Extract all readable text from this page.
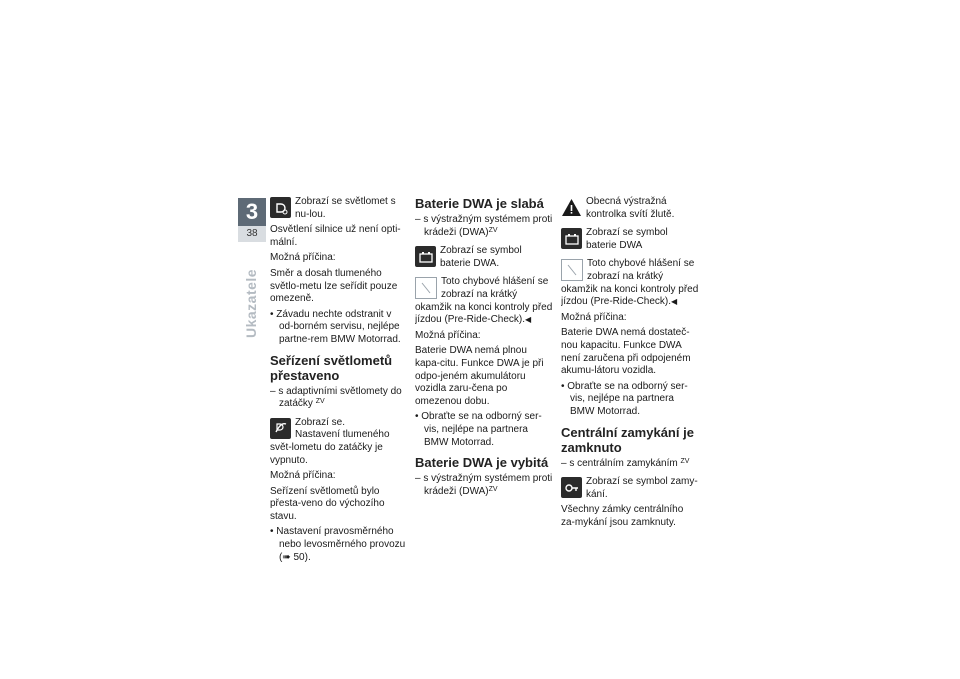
3
38
Ukazatele
Zobrazí se světlomet s nu-lou.

Osvětlení silnice už není opti-mální.

Možná příčina:

Směr a dosah tlumeného světlo-metu lze seřídit pouze omezeně.

• Závadu nechte odstranit v od-borném servisu, nejlépe partne-rem BMW Motorrad.

Seřízení světlometů přestaveno

– s adaptivními světlomety do zatáčky $^{ZV}$

Zobrazí se.
Nastavení tlumeného svět-lometu do zatáčky je vypnuto.

Možná příčina:

Seřízení světlometů bylo přesta-veno do výchozího stavu.

• Nastavení pravosměrného nebo levosměrného provozu (➠ 50).

Baterie DWA je slabá

– s výstražným systémem proti krádeži (DWA)$^{ZV}$

Zobrazí se symbol baterie DWA.
Toto chybové hlášení se zobrazí na krátký okamžik na konci kontroly před jízdou (Pre-Ride-Check).◀

Možná příčina:

Baterie DWA nemá plnou kapa-citu. Funkce DWA je při odpo-jeném akumulátoru vozidla zaru-čena po omezenou dobu.

• Obraťte se na odborný ser-vis, nejlépe na partnera BMW Motorrad.

Baterie DWA je vybitá

– s výstražným systémem proti krádeži (DWA)$^{ZV}$

Obecná výstražná kontrolka svítí žlutě.
Zobrazí se symbol baterie DWA
Toto chybové hlášení se zobrazí na krátký okamžik na konci kontroly před jízdou (Pre-Ride-Check).◀

Možná příčina:

Baterie DWA nemá dostateč-nou kapacitu. Funkce DWA není zaručena při odpojeném akumu-látoru vozidla.

• Obraťte se na odborný ser-vis, nejlépe na partnera BMW Motorrad.

Centrální zamykání je zamknuto

– s centrálním zamykáním $^{ZV}$

Zobrazí se symbol zamy-kání.

Všechny zámky centrálního za-mykání jsou zamknuty.
